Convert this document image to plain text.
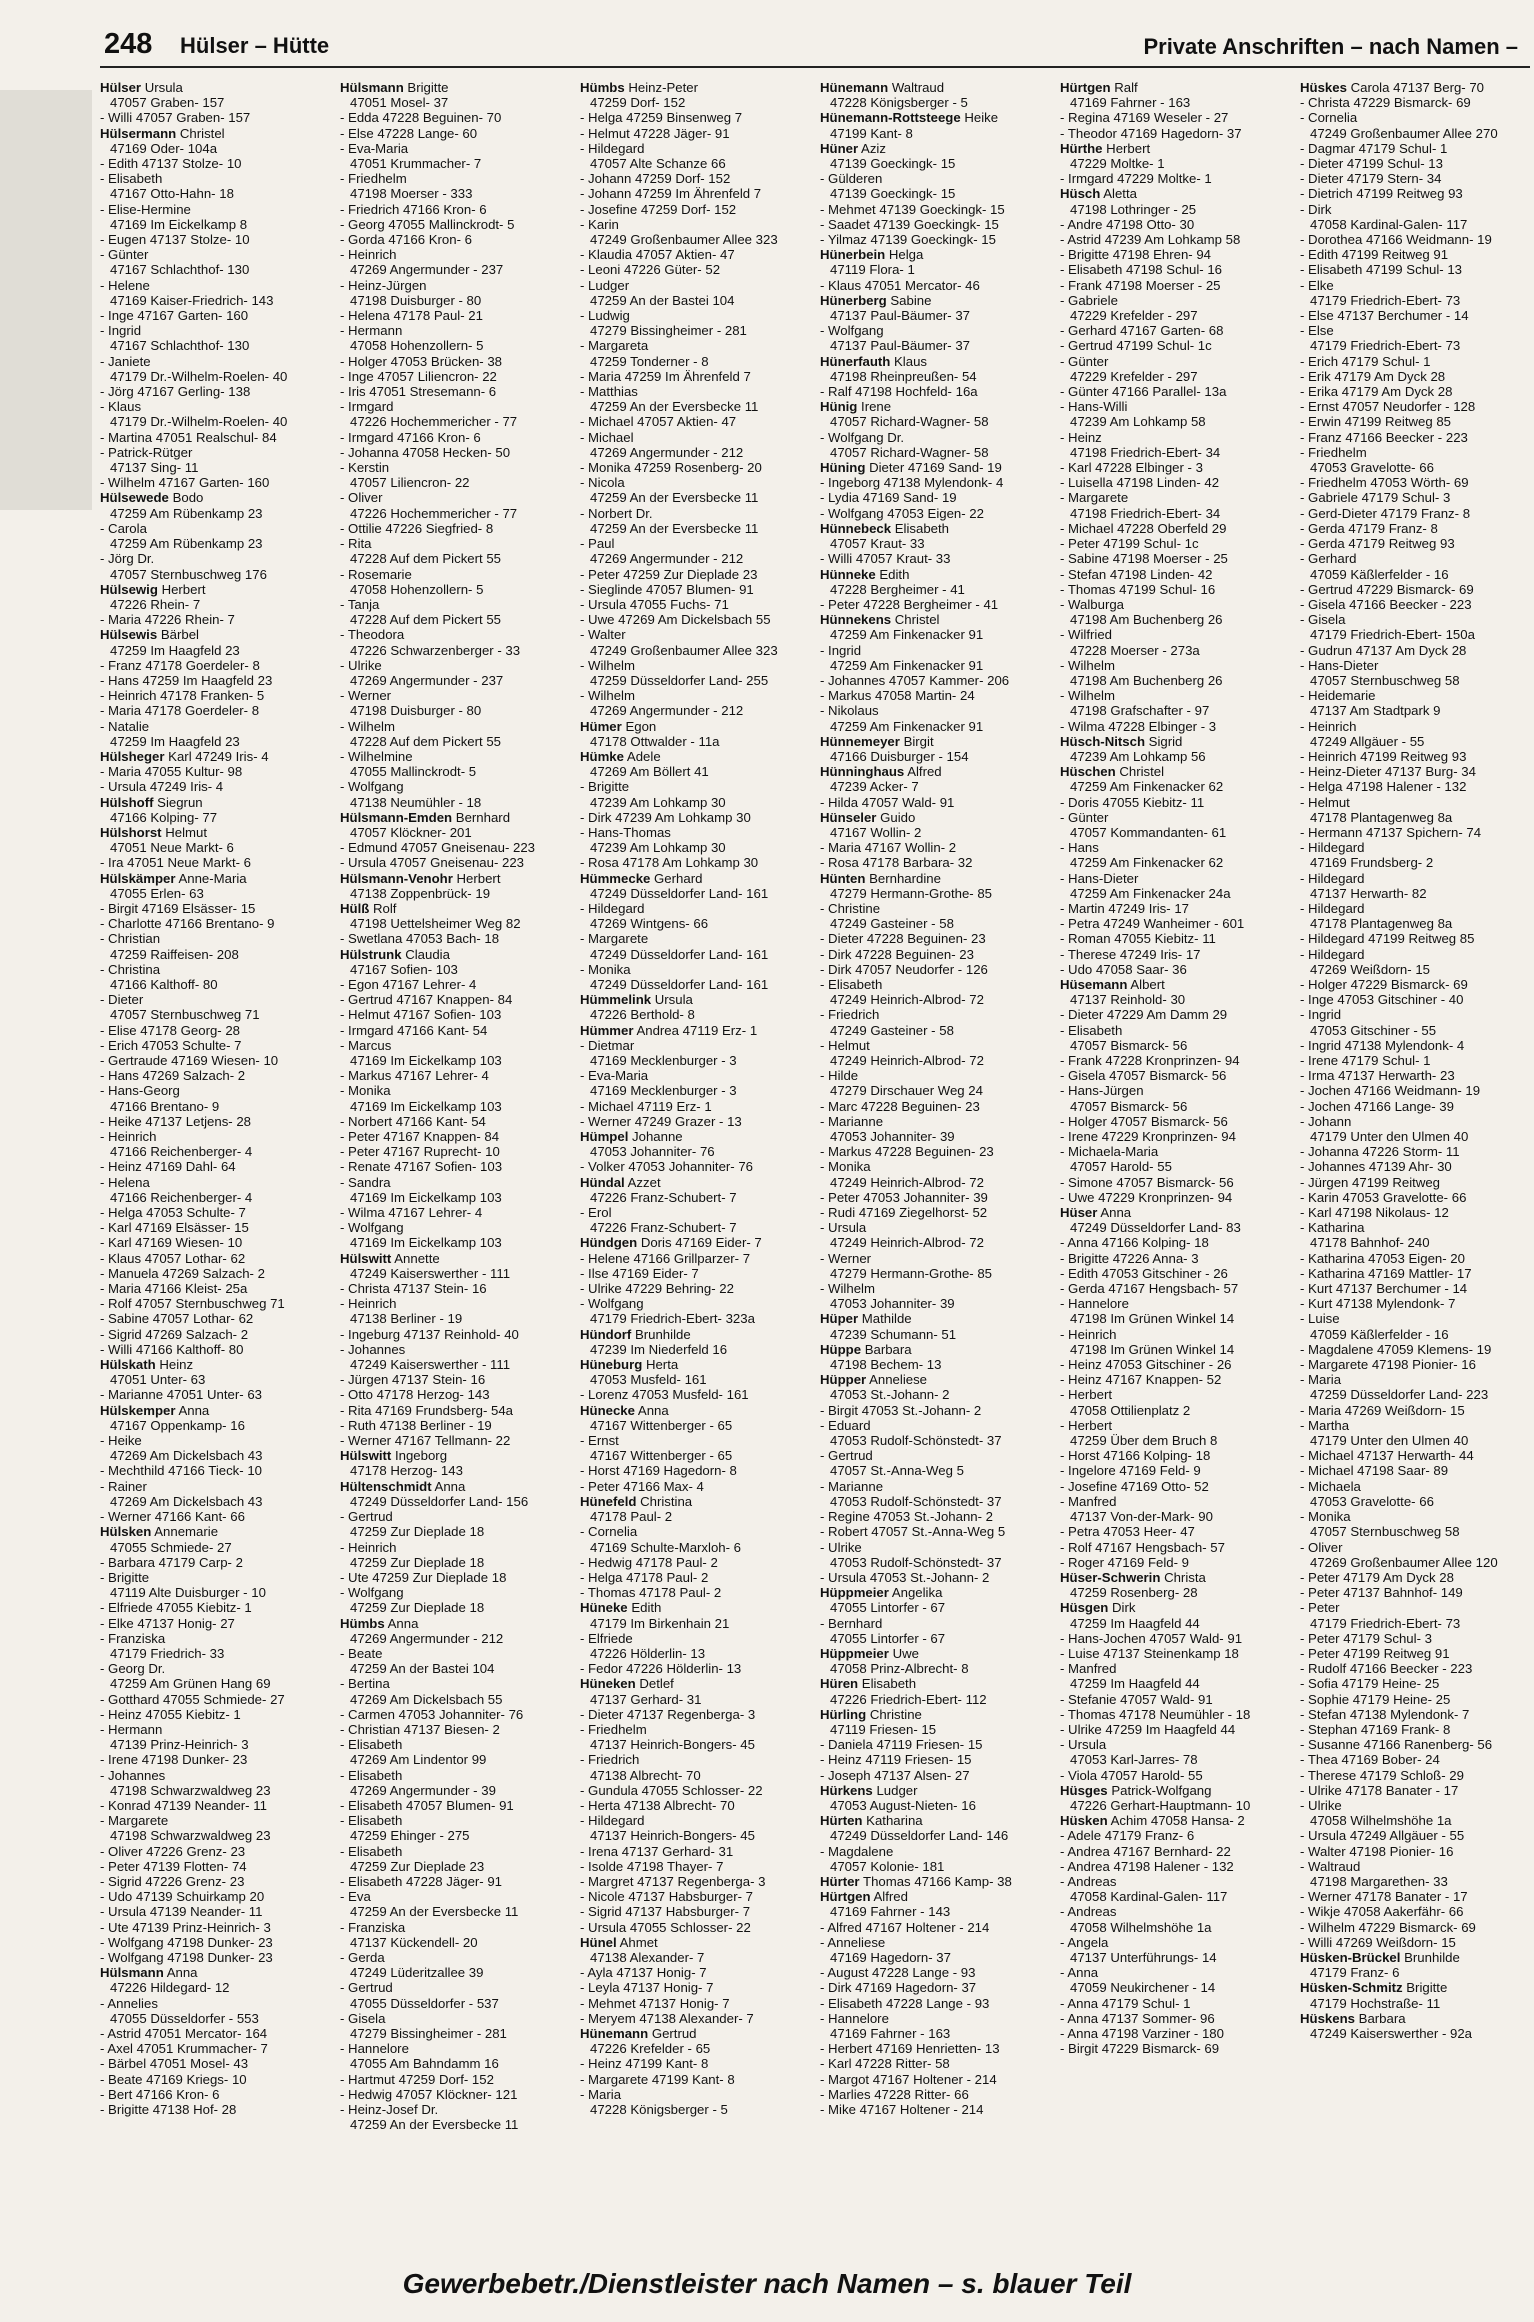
248 Hülser – Hütte	Private Anschriften – nach Namen –
Hülser Ursula
47057 Graben- 157
- Willi 47057 Graben- 157
Hülsermann Christel
47169 Oder- 104a
- Edith 47137 Stolze- 10
- Elisabeth
47167 Otto-Hahn- 18
- Elise-Hermine
47169 Im Eickelkamp 8
- Eugen 47137 Stolze- 10
- Günter
47167 Schlachthof- 130
- Helene
47169 Kaiser-Friedrich- 143
- Inge 47167 Garten- 160
- Ingrid
47167 Schlachthof- 130
- Janiete
47179 Dr.-Wilhelm-Roelen- 40
- Jörg 47167 Gerling- 138
- Klaus
47179 Dr.-Wilhelm-Roelen- 40
- Martina 47051 Realschul- 84
- Patrick-Rütger
47137 Sing- 11
- Wilhelm 47167 Garten- 160
Hülsewede Bodo
47259 Am Rübenkamp 23
- Carola
47259 Am Rübenkamp 23
- Jörg Dr.
47057 Sternbuschweg 176
Hülsewig Herbert
47226 Rhein- 7
- Maria 47226 Rhein- 7
Hülsewis Bärbel
47259 Im Haagfeld 23
- Franz 47178 Goerdeler- 8
- Hans 47259 Im Haagfeld 23
- Heinrich 47178 Franken- 5
- Maria 47178 Goerdeler- 8
- Natalie
47259 Im Haagfeld 23
Hülsheger Karl 47249 Iris- 4
- Maria 47055 Kultur- 98
- Ursula 47249 Iris- 4
Hülshoff Siegrun
47166 Kolping- 77
Hülshorst Helmut
47051 Neue Markt- 6
- Ira 47051 Neue Markt- 6
Hülskämper Anne-Maria
47055 Erlen- 63
- Birgit 47169 Elsässer- 15
- Charlotte 47166 Brentano- 9
- Christian
47259 Raiffeisen- 208
- Christina
47166 Kalthoff- 80
- Dieter
47057 Sternbuschweg 71
- Elise 47178 Georg- 28
- Erich 47053 Schulte- 7
- Gertraude 47169 Wiesen- 10
- Hans 47269 Salzach- 2
- Hans-Georg
47166 Brentano- 9
- Heike 47137 Letjens- 28
- Heinrich
47166 Reichenberger- 4
- Heinz 47169 Dahl- 64
- Helena
47166 Reichenberger- 4
- Helga 47053 Schulte- 7
- Karl 47169 Elsässer- 15
- Karl 47169 Wiesen- 10
- Klaus 47057 Lothar- 62
- Manuela 47269 Salzach- 2
- Maria 47166 Kleist- 25a
- Rolf 47057 Sternbuschweg 71
- Sabine 47057 Lothar- 62
- Sigrid 47269 Salzach- 2
- Willi 47166 Kalthoff- 80
Hülskath Heinz
47051 Unter- 63
- Marianne 47051 Unter- 63
Hülskemper Anna
47167 Oppenkamp- 16
- Heike
47269 Am Dickelsbach 43
- Mechthild 47166 Tieck- 10
- Rainer
47269 Am Dickelsbach 43
- Werner 47166 Kant- 66
Hülsken Annemarie
47055 Schmiede- 27
- Barbara 47179 Carp- 2
- Brigitte
47119 Alte Duisburger - 10
- Elfriede 47055 Kiebitz- 1
- Elke 47137 Honig- 27
- Franziska
47179 Friedrich- 33
- Georg Dr.
47259 Am Grünen Hang 69
- Gotthard 47055 Schmiede- 27
- Heinz 47055 Kiebitz- 1
- Hermann
47139 Prinz-Heinrich- 3
- Irene 47198 Dunker- 23
- Johannes
47198 Schwarzwaldweg 23
- Konrad 47139 Neander- 11
- Margarete
47198 Schwarzwaldweg 23
- Oliver 47226 Grenz- 23
- Peter 47139 Flotten- 74
- Sigrid 47226 Grenz- 23
- Udo 47139 Schuirkamp 20
- Ursula 47139 Neander- 11
- Ute 47139 Prinz-Heinrich- 3
- Wolfgang 47198 Dunker- 23
- Wolfgang 47198 Dunker- 23
Hülsmann Anna
47226 Hildegard- 12
- Annelies
47055 Düsseldorfer - 553
- Astrid 47051 Mercator- 164
- Axel 47051 Krummacher- 7
- Bärbel 47051 Mosel- 43
- Beate 47169 Kriegs- 10
- Bert 47166 Kron- 6
- Brigitte 47138 Hof- 28
Hülsmann Brigitte
47051 Mosel- 37
- Edda 47228 Beguinen- 70
- Else 47228 Lange- 60
- Eva-Maria
47051 Krummacher- 7
- Friedhelm
47198 Moerser - 333
- Friedrich 47166 Kron- 6
- Georg 47055 Mallinckrodt- 5
- Gorda 47166 Kron- 6
- Heinrich
47269 Angermunder - 237
- Heinz-Jürgen
47198 Duisburger - 80
- Helena 47178 Paul- 21
- Hermann
47058 Hohenzollern- 5
- Holger 47053 Brücken- 38
- Inge 47057 Liliencron- 22
- Iris 47051 Stresemann- 6
- Irmgard
47226 Hochemmericher - 77
- Irmgard 47166 Kron- 6
- Johanna 47058 Hecken- 50
- Kerstin
47057 Liliencron- 22
- Oliver
47226 Hochemmericher - 77
- Ottilie 47226 Siegfried- 8
- Rita
47228 Auf dem Pickert 55
- Rosemarie
47058 Hohenzollern- 5
- Tanja
47228 Auf dem Pickert 55
- Theodora
47226 Schwarzenberger - 33
- Ulrike
47269 Angermunder - 237
- Werner
47198 Duisburger - 80
- Wilhelm
47228 Auf dem Pickert 55
- Wilhelmine
47055 Mallinckrodt- 5
- Wolfgang
47138 Neumühler - 18
Hülsmann-Emden Bernhard
47057 Klöckner- 201
- Edmund 47057 Gneisenau- 223
- Ursula 47057 Gneisenau- 223
Hülsmann-Venohr Herbert
47138 Zoppenbrück- 19
Hülß Rolf
47198 Uettelsheimer Weg 82
- Swetlana 47053 Bach- 18
Hülstrunk Claudia
47167 Sofien- 103
- Egon 47167 Lehrer- 4
- Gertrud 47167 Knappen- 84
- Helmut 47167 Sofien- 103
- Irmgard 47166 Kant- 54
- Marcus
47169 Im Eickelkamp 103
- Markus 47167 Lehrer- 4
- Monika
47169 Im Eickelkamp 103
- Norbert 47166 Kant- 54
- Peter 47167 Knappen- 84
- Peter 47167 Ruprecht- 10
- Renate 47167 Sofien- 103
- Sandra
47169 Im Eickelkamp 103
- Wilma 47167 Lehrer- 4
- Wolfgang
47169 Im Eickelkamp 103
Hülswitt Annette
47249 Kaiserswerther - 111
- Christa 47137 Stein- 16
- Heinrich
47138 Berliner - 19
- Ingeburg 47137 Reinhold- 40
- Johannes
47249 Kaiserswerther - 111
- Jürgen 47137 Stein- 16
- Otto 47178 Herzog- 143
- Rita 47169 Frundsberg- 54a
- Ruth 47138 Berliner - 19
- Werner 47167 Tellmann- 22
Hülswitt Ingeborg
47178 Herzog- 143
Hültenschmidt Anna
47249 Düsseldorfer Land- 156
- Gertrud
47259 Zur Dieplade 18
- Heinrich
47259 Zur Dieplade 18
- Ute 47259 Zur Dieplade 18
- Wolfgang
47259 Zur Dieplade 18
Hümbs Anna
47269 Angermunder - 212
- Beate
47259 An der Bastei 104
- Bertina
47269 Am Dickelsbach 55
- Carmen 47053 Johanniter- 76
- Christian 47137 Biesen- 2
- Elisabeth
47269 Am Lindentor 99
- Elisabeth
47269 Angermunder - 39
- Elisabeth 47057 Blumen- 91
- Elisabeth
47259 Ehinger - 275
- Elisabeth
47259 Zur Dieplade 23
- Elisabeth 47228 Jäger- 91
- Eva
47259 An der Eversbecke 11
- Franziska
47137 Kückendell- 20
- Gerda
47249 Lüderitzallee 39
- Gertrud
47055 Düsseldorfer - 537
- Gisela
47279 Bissingheimer - 281
- Hannelore
47055 Am Bahndamm 16
- Hartmut 47259 Dorf- 152
- Hedwig 47057 Klöckner- 121
- Heinz-Josef Dr.
47259 An der Eversbecke 11
Hümbs Heinz-Peter
47259 Dorf- 152
- Helga 47259 Binsenweg 7
- Helmut 47228 Jäger- 91
- Hildegard
47057 Alte Schanze 66
- Johann 47259 Dorf- 152
- Johann 47259 Im Ährenfeld 7
- Josefine 47259 Dorf- 152
- Karin
47249 Großenbaumer Allee 323
- Klaudia 47057 Aktien- 47
- Leoni 47226 Güter- 52
- Ludger
47259 An der Bastei 104
- Ludwig
47279 Bissingheimer - 281
- Margareta
47259 Tonderner - 8
- Maria 47259 Im Ährenfeld 7
- Matthias
47259 An der Eversbecke 11
- Michael 47057 Aktien- 47
- Michael
47269 Angermunder - 212
- Monika 47259 Rosenberg- 20
- Nicola
47259 An der Eversbecke 11
- Norbert Dr.
47259 An der Eversbecke 11
- Paul
47269 Angermunder - 212
- Peter 47259 Zur Dieplade 23
- Sieglinde 47057 Blumen- 91
- Ursula 47055 Fuchs- 71
- Uwe 47269 Am Dickelsbach 55
- Walter
47249 Großenbaumer Allee 323
- Wilhelm
47259 Düsseldorfer Land- 255
- Wilhelm
47269 Angermunder - 212
Hümer Egon
47178 Ottwalder - 11a
Hümke Adele
47269 Am Böllert 41
- Brigitte
47239 Am Lohkamp 30
- Dirk 47239 Am Lohkamp 30
- Hans-Thomas
47239 Am Lohkamp 30
- Rosa 47178 Am Lohkamp 30
Hümmecke Gerhard
47249 Düsseldorfer Land- 161
- Hildegard
47269 Wintgens- 66
- Margarete
47249 Düsseldorfer Land- 161
- Monika
47249 Düsseldorfer Land- 161
Hümmelink Ursula
47226 Berthold- 8
Hümmer Andrea 47119 Erz- 1
- Dietmar
47169 Mecklenburger - 3
- Eva-Maria
47169 Mecklenburger - 3
- Michael 47119 Erz- 1
- Werner 47249 Grazer - 13
Hümpel Johanne
47053 Johanniter- 76
- Volker 47053 Johanniter- 76
Hündal Azzet
47226 Franz-Schubert- 7
- Erol
47226 Franz-Schubert- 7
Hündgen Doris 47169 Eider- 7
- Helene 47166 Grillparzer- 7
- Ilse 47169 Eider- 7
- Ulrike 47229 Behring- 22
- Wolfgang
47179 Friedrich-Ebert- 323a
Hündorf Brunhilde
47239 Im Niederfeld 16
Hüneburg Herta
47053 Musfeld- 161
- Lorenz 47053 Musfeld- 161
Hünecke Anna
47167 Wittenberger - 65
- Ernst
47167 Wittenberger - 65
- Horst 47169 Hagedorn- 8
- Peter 47166 Max- 4
Hünefeld Christina
47178 Paul- 2
- Cornelia
47169 Schulte-Marxloh- 6
- Hedwig 47178 Paul- 2
- Helga 47178 Paul- 2
- Thomas 47178 Paul- 2
Hüneke Edith
47179 Im Birkenhain 21
- Elfriede
47226 Hölderlin- 13
- Fedor 47226 Hölderlin- 13
Hüneken Detlef
47137 Gerhard- 31
- Dieter 47137 Regenberga- 3
- Friedhelm
47137 Heinrich-Bongers- 45
- Friedrich
47138 Albrecht- 70
- Gundula 47055 Schlosser- 22
- Herta 47138 Albrecht- 70
- Hildegard
47137 Heinrich-Bongers- 45
- Irena 47137 Gerhard- 31
- Isolde 47198 Thayer- 7
- Margret 47137 Regenberga- 3
- Nicole 47137 Habsburger- 7
- Sigrid 47137 Habsburger- 7
- Ursula 47055 Schlosser- 22
Hünel Ahmet
47138 Alexander- 7
- Ayla 47137 Honig- 7
- Leyla 47137 Honig- 7
- Mehmet 47137 Honig- 7
- Meryem 47138 Alexander- 7
Hünemann Gertrud
47226 Krefelder - 65
- Heinz 47199 Kant- 8
- Margarete 47199 Kant- 8
- Maria
47228 Königsberger - 5
Hünemann Waltraud
47228 Königsberger - 5
Hünemann-Rottsteege Heike
47199 Kant- 8
Hüner Aziz
47139 Goeckingk- 15
- Gülderen
47139 Goeckingk- 15
- Mehmet 47139 Goeckingk- 15
- Saadet 47139 Goeckingk- 15
- Yilmaz 47139 Goeckingk- 15
Hünerbein Helga
47119 Flora- 1
- Klaus 47051 Mercator- 46
Hünerberg Sabine
47137 Paul-Bäumer- 37
- Wolfgang
47137 Paul-Bäumer- 37
Hünerfauth Klaus
47198 Rheinpreußen- 54
- Ralf 47198 Hochfeld- 16a
Hünig Irene
47057 Richard-Wagner- 58
- Wolfgang Dr.
47057 Richard-Wagner- 58
Hüning Dieter 47169 Sand- 19
- Ingeborg 47138 Mylendonk- 4
- Lydia 47169 Sand- 19
- Wolfgang 47053 Eigen- 22
Hünnebeck Elisabeth
47057 Kraut- 33
- Willi 47057 Kraut- 33
Hünneke Edith
47228 Bergheimer - 41
- Peter 47228 Bergheimer - 41
Hünnekens Christel
47259 Am Finkenacker 91
- Ingrid
47259 Am Finkenacker 91
- Johannes 47057 Kammer- 206
- Markus 47058 Martin- 24
- Nikolaus
47259 Am Finkenacker 91
Hünnemeyer Birgit
47166 Duisburger - 154
Hünninghaus Alfred
47239 Acker- 7
- Hilda 47057 Wald- 91
Hünseler Guido
47167 Wollin- 2
- Maria 47167 Wollin- 2
- Rosa 47178 Barbara- 32
Hünten Bernhardine
47279 Hermann-Grothe- 85
- Christine
47249 Gasteiner - 58
- Dieter 47228 Beguinen- 23
- Dirk 47228 Beguinen- 23
- Dirk 47057 Neudorfer - 126
- Elisabeth
47249 Heinrich-Albrod- 72
- Friedrich
47249 Gasteiner - 58
- Helmut
47249 Heinrich-Albrod- 72
- Hilde
47279 Dirschauer Weg 24
- Marc 47228 Beguinen- 23
- Marianne
47053 Johanniter- 39
- Markus 47228 Beguinen- 23
- Monika
47249 Heinrich-Albrod- 72
- Peter 47053 Johanniter- 39
- Rudi 47169 Ziegelhorst- 52
- Ursula
47249 Heinrich-Albrod- 72
- Werner
47279 Hermann-Grothe- 85
- Wilhelm
47053 Johanniter- 39
Hüper Mathilde
47239 Schumann- 51
Hüppe Barbara
47198 Bechem- 13
Hüpper Anneliese
47053 St.-Johann- 2
- Birgit 47053 St.-Johann- 2
- Eduard
47053 Rudolf-Schönstedt- 37
- Gertrud
47057 St.-Anna-Weg 5
- Marianne
47053 Rudolf-Schönstedt- 37
- Regine 47053 St.-Johann- 2
- Robert 47057 St.-Anna-Weg 5
- Ulrike
47053 Rudolf-Schönstedt- 37
- Ursula 47053 St.-Johann- 2
Hüppmeier Angelika
47055 Lintorfer - 67
- Bernhard
47055 Lintorfer - 67
Hüppmeier Uwe
47058 Prinz-Albrecht- 8
Hüren Elisabeth
47226 Friedrich-Ebert- 112
Hürling Christine
47119 Friesen- 15
- Daniela 47119 Friesen- 15
- Heinz 47119 Friesen- 15
- Joseph 47137 Alsen- 27
Hürkens Ludger
47053 August-Nieten- 16
Hürten Katharina
47249 Düsseldorfer Land- 146
- Magdalene
47057 Kolonie- 181
Hürter Thomas 47166 Kamp- 38
Hürtgen Alfred
47169 Fahrner - 143
- Alfred 47167 Holtener - 214
- Anneliese
47169 Hagedorn- 37
- August 47228 Lange - 93
- Dirk 47169 Hagedorn- 37
- Elisabeth 47228 Lange - 93
- Hannelore
47169 Fahrner - 163
- Herbert 47169 Henrietten- 13
- Karl 47228 Ritter- 58
- Margot 47167 Holtener - 214
- Marlies 47228 Ritter- 66
- Mike 47167 Holtener - 214
Hürtgen Ralf
47169 Fahrner - 163
- Regina 47169 Weseler - 27
- Theodor 47169 Hagedorn- 37
Hürthe Herbert
47229 Moltke- 1
- Irmgard 47229 Moltke- 1
Hüsch Aletta
47198 Lothringer - 25
- Andre 47198 Otto- 30
- Astrid 47239 Am Lohkamp 58
- Brigitte 47198 Ehren- 94
- Elisabeth 47198 Schul- 16
- Frank 47198 Moerser - 25
- Gabriele
47229 Krefelder - 297
- Gerhard 47167 Garten- 68
- Gertrud 47199 Schul- 1c
- Günter
47229 Krefelder - 297
- Günter 47166 Parallel- 13a
- Hans-Willi
47239 Am Lohkamp 58
- Heinz
47198 Friedrich-Ebert- 34
- Karl 47228 Elbinger - 3
- Luisella 47198 Linden- 42
- Margarete
47198 Friedrich-Ebert- 34
- Michael 47228 Oberfeld 29
- Peter 47199 Schul- 1c
- Sabine 47198 Moerser - 25
- Stefan 47198 Linden- 42
- Thomas 47199 Schul- 16
- Walburga
47198 Am Buchenberg 26
- Wilfried
47228 Moerser - 273a
- Wilhelm
47198 Am Buchenberg 26
- Wilhelm
47198 Grafschafter - 97
- Wilma 47228 Elbinger - 3
Hüsch-Nitsch Sigrid
47239 Am Lohkamp 56
Hüschen Christel
47259 Am Finkenacker 62
- Doris 47055 Kiebitz- 11
- Günter
47057 Kommandanten- 61
- Hans
47259 Am Finkenacker 62
- Hans-Dieter
47259 Am Finkenacker 24a
- Martin 47249 Iris- 17
- Petra 47249 Wanheimer - 601
- Roman 47055 Kiebitz- 11
- Therese 47249 Iris- 17
- Udo 47058 Saar- 36
Hüsemann Albert
47137 Reinhold- 30
- Dieter 47229 Am Damm 29
- Elisabeth
47057 Bismarck- 56
- Frank 47228 Kronprinzen- 94
- Gisela 47057 Bismarck- 56
- Hans-Jürgen
47057 Bismarck- 56
- Holger 47057 Bismarck- 56
- Irene 47229 Kronprinzen- 94
- Michaela-Maria
47057 Harold- 55
- Simone 47057 Bismarck- 56
- Uwe 47229 Kronprinzen- 94
Hüser Anna
47249 Düsseldorfer Land- 83
- Anna 47166 Kolping- 18
- Brigitte 47226 Anna- 3
- Edith 47053 Gitschiner - 26
- Gerda 47167 Hengsbach- 57
- Hannelore
47198 Im Grünen Winkel 14
- Heinrich
47198 Im Grünen Winkel 14
- Heinz 47053 Gitschiner - 26
- Heinz 47167 Knappen- 52
- Herbert
47058 Ottilienplatz 2
- Herbert
47259 Über dem Bruch 8
- Horst 47166 Kolping- 18
- Ingelore 47169 Feld- 9
- Josefine 47169 Otto- 52
- Manfred
47137 Von-der-Mark- 90
- Petra 47053 Heer- 47
- Rolf 47167 Hengsbach- 57
- Roger 47169 Feld- 9
Hüser-Schwerin Christa
47259 Rosenberg- 28
Hüsgen Dirk
47259 Im Haagfeld 44
- Hans-Jochen 47057 Wald- 91
- Luise 47137 Steinenkamp 18
- Manfred
47259 Im Haagfeld 44
- Stefanie 47057 Wald- 91
- Thomas 47178 Neumühler - 18
- Ulrike 47259 Im Haagfeld 44
- Ursula
47053 Karl-Jarres- 78
- Viola 47057 Harold- 55
Hüsges Patrick-Wolfgang
47226 Gerhart-Hauptmann- 10
Hüsken Achim 47058 Hansa- 2
- Adele 47179 Franz- 6
- Andrea 47167 Bernhard- 22
- Andrea 47198 Halener - 132
- Andreas
47058 Kardinal-Galen- 117
- Andreas
47058 Wilhelmshöhe 1a
- Angela
47137 Unterführungs- 14
- Anna
47059 Neukirchener - 14
- Anna 47179 Schul- 1
- Anna 47137 Sommer- 96
- Anna 47198 Varziner - 180
- Birgit 47229 Bismarck- 69
Hüskes Carola 47137 Berg- 70
- Christa 47229 Bismarck- 69
- Cornelia
47249 Großenbaumer Allee 270
- Dagmar 47179 Schul- 1
- Dieter 47199 Schul- 13
- Dieter 47179 Stern- 34
- Dietrich 47199 Reitweg 93
- Dirk
47058 Kardinal-Galen- 117
- Dorothea 47166 Weidmann- 19
- Edith 47199 Reitweg 91
- Elisabeth 47199 Schul- 13
- Elke
47179 Friedrich-Ebert- 73
- Else 47137 Berchumer - 14
- Else
47179 Friedrich-Ebert- 73
- Erich 47179 Schul- 1
- Erik 47179 Am Dyck 28
- Erika 47179 Am Dyck 28
- Ernst 47057 Neudorfer - 128
- Erwin 47199 Reitweg 85
- Franz 47166 Beecker - 223
- Friedhelm
47053 Gravelotte- 66
- Friedhelm 47053 Wörth- 69
- Gabriele 47179 Schul- 3
- Gerd-Dieter 47179 Franz- 8
- Gerda 47179 Franz- 8
- Gerda 47179 Reitweg 93
- Gerhard
47059 Käßlerfelder - 16
- Gertrud 47229 Bismarck- 69
- Gisela 47166 Beecker - 223
- Gisela
47179 Friedrich-Ebert- 150a
- Gudrun 47137 Am Dyck 28
- Hans-Dieter
47057 Sternbuschweg 58
- Heidemarie
47137 Am Stadtpark 9
- Heinrich
47249 Allgäuer - 55
- Heinrich 47199 Reitweg 93
- Heinz-Dieter 47137 Burg- 34
- Helga 47198 Halener - 132
- Helmut
47178 Plantagenweg 8a
- Hermann 47137 Spichern- 74
- Hildegard
47169 Frundsberg- 2
- Hildegard
47137 Herwarth- 82
- Hildegard
47178 Plantagenweg 8a
- Hildegard 47199 Reitweg 85
- Hildegard
47269 Weißdorn- 15
- Holger 47229 Bismarck- 69
- Inge 47053 Gitschiner - 40
- Ingrid
47053 Gitschiner - 55
- Ingrid 47138 Mylendonk- 4
- Irene 47179 Schul- 1
- Irma 47137 Herwarth- 23
- Jochen 47166 Weidmann- 19
- Jochen 47166 Lange- 39
- Johann
47179 Unter den Ulmen 40
- Johanna 47226 Storm- 11
- Johannes 47139 Ahr- 30
- Jürgen 47199 Reitweg
- Karin 47053 Gravelotte- 66
- Karl 47198 Nikolaus- 12
- Katharina
47178 Bahnhof- 240
- Katharina 47053 Eigen- 20
- Katharina 47169 Mattler- 17
- Kurt 47137 Berchumer - 14
- Kurt 47138 Mylendonk- 7
- Luise
47059 Käßlerfelder - 16
- Magdalene 47059 Klemens- 19
- Margarete 47198 Pionier- 16
- Maria
47259 Düsseldorfer Land- 223
- Maria 47269 Weißdorn- 15
- Martha
47179 Unter den Ulmen 40
- Michael 47137 Herwarth- 44
- Michael 47198 Saar- 89
- Michaela
47053 Gravelotte- 66
- Monika
47057 Sternbuschweg 58
- Oliver
47269 Großenbaumer Allee 120
- Peter 47179 Am Dyck 28
- Peter 47137 Bahnhof- 149
- Peter
47179 Friedrich-Ebert- 73
- Peter 47179 Schul- 3
- Peter 47199 Reitweg 91
- Rudolf 47166 Beecker - 223
- Sofia 47179 Heine- 25
- Sophie 47179 Heine- 25
- Stefan 47138 Mylendonk- 7
- Stephan 47169 Frank- 8
- Susanne 47166 Ranenberg- 56
- Thea 47169 Bober- 24
- Therese 47179 Schloß- 29
- Ulrike 47178 Banater - 17
- Ulrike
47058 Wilhelmshöhe 1a
- Ursula 47249 Allgäuer - 55
- Walter 47198 Pionier- 16
- Waltraud
47198 Margarethen- 33
- Werner 47178 Banater - 17
- Wikje 47058 Aakerfähr- 66
- Wilhelm 47229 Bismarck- 69
- Willi 47269 Weißdorn- 15
Hüsken-Brückel Brunhilde
47179 Franz- 6
Hüsken-Schmitz Brigitte
47179 Hochstraße- 11
Hüskens Barbara
47249 Kaiserswerther - 92a
Gewerbebetr./Dienstleister nach Namen – s. blauer Teil
